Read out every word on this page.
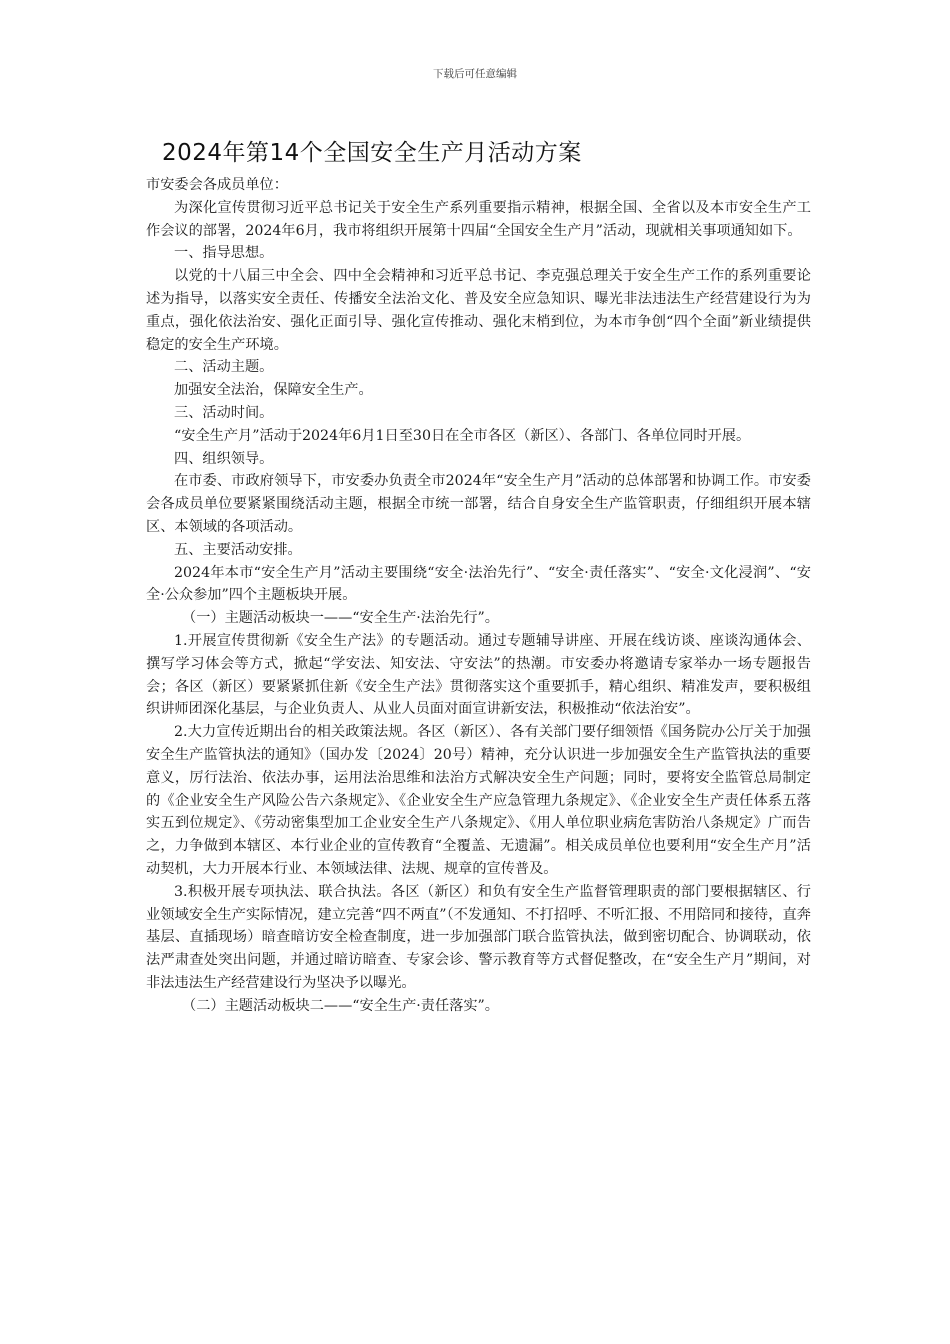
下载后可任意编辑
2024年第14个全国安全生产月活动方案

市安委会各成员单位：

为深化宣传贯彻习近平总书记关于安全生产系列重要指示精神，根据全国、全省以及本市安全生产工作会议的部署，2024年6月，我市将组织开展第十四届“全国安全生产月”活动，现就相关事项通知如下。

一、指导思想。

以党的十八届三中全会、四中全会精神和习近平总书记、李克强总理关于安全生产工作的系列重要论述为指导，以落实安全责任、传播安全法治文化、普及安全应急知识、曝光非法违法生产经营建设行为为重点，强化依法治安、强化正面引导、强化宣传推动、强化末梢到位，为本市争创“四个全面”新业绩提供稳定的安全生产环境。

二、活动主题。

加强安全法治，保障安全生产。

三、活动时间。

“安全生产月”活动于2024年6月1日至30日在全市各区（新区）、各部门、各单位同时开展。

四、组织领导。

在市委、市政府领导下，市安委办负责全市2024年“安全生产月”活动的总体部署和协调工作。市安委会各成员单位要紧紧围绕活动主题，根据全市统一部署，结合自身安全生产监管职责，仔细组织开展本辖区、本领域的各项活动。

五、主要活动安排。

2024年本市“安全生产月”活动主要围绕“安全·法治先行”、“安全·责任落实”、“安全·文化浸润”、“安全·公众参加”四个主题板块开展。

（一）主题活动板块一——“安全生产·法治先行”。

1.开展宣传贯彻新《安全生产法》的专题活动。通过专题辅导讲座、开展在线访谈、座谈沟通体会、撰写学习体会等方式，掀起“学安法、知安法、守安法”的热潮。市安委办将邀请专家举办一场专题报告会；各区（新区）要紧紧抓住新《安全生产法》贯彻落实这个重要抓手，精心组织、精准发声，要积极组织讲师团深化基层，与企业负责人、从业人员面对面宣讲新安法，积极推动“依法治安”。

2.大力宣传近期出台的相关政策法规。各区（新区）、各有关部门要仔细领悟《国务院办公厅关于加强安全生产监管执法的通知》（国办发〔2024〕20号）精神，充分认识进一步加强安全生产监管执法的重要意义，厉行法治、依法办事，运用法治思维和法治方式解决安全生产问题；同时，要将安全监管总局制定的《企业安全生产风险公告六条规定》、《企业安全生产应急管理九条规定》、《企业安全生产责任体系五落实五到位规定》、《劳动密集型加工企业安全生产八条规定》、《用人单位职业病危害防治八条规定》广而告之，力争做到本辖区、本行业企业的宣传教育“全覆盖、无遗漏”。相关成员单位也要利用“安全生产月”活动契机，大力开展本行业、本领域法律、法规、规章的宣传普及。

3.积极开展专项执法、联合执法。各区（新区）和负有安全生产监督管理职责的部门要根据辖区、行业领域安全生产实际情况，建立完善“四不两直”（不发通知、不打招呼、不听汇报、不用陪同和接待，直奔基层、直插现场）暗查暗访安全检查制度，进一步加强部门联合监管执法，做到密切配合、协调联动，依法严肃查处突出问题，并通过暗访暗查、专家会诊、警示教育等方式督促整改，在“安全生产月”期间，对非法违法生产经营建设行为坚决予以曝光。

（二）主题活动板块二——“安全生产·责任落实”。
